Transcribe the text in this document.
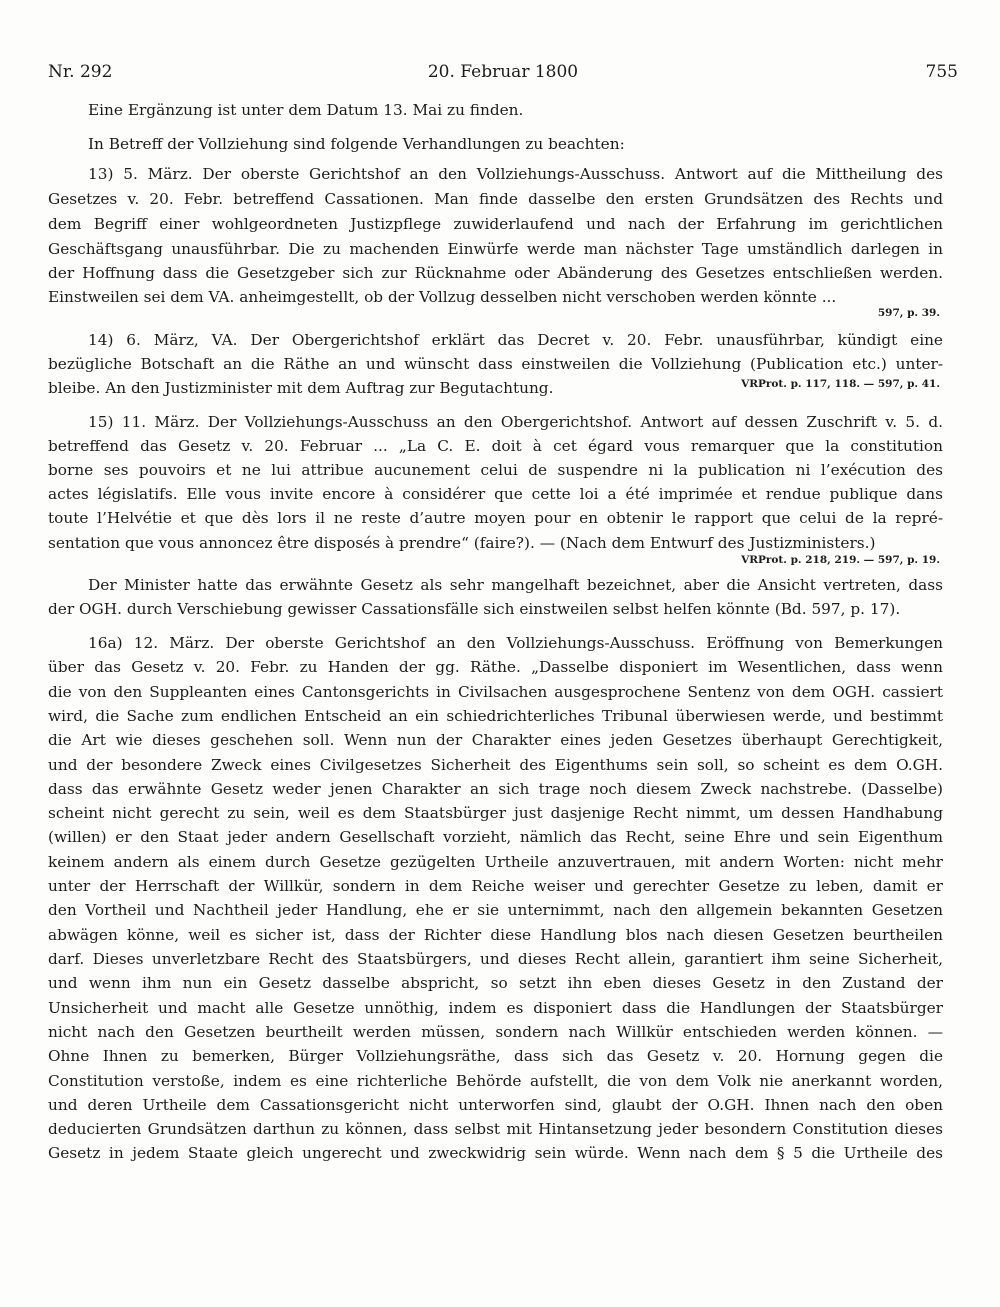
Nr. 292	20. Februar 1800	755
Eine Ergänzung ist unter dem Datum 13. Mai zu finden.
In Betreff der Vollziehung sind folgende Verhandlungen zu beachten:
13) 5. März. Der oberste Gerichtshof an den Vollziehungs-Ausschuss. Antwort auf die Mittheilung des
Gesetzes v. 20. Febr. betreffend Cassationen. Man finde dasselbe den ersten Grundsätzen des Rechts und
dem Begriff einer wohlgeordneten Justizpflege zuwiderlaufend und nach der Erfahrung im gerichtlichen
Geschäftsgang unausführbar. Die zu machenden Einwürfe werde man nächster Tage umständlich darlegen in
der Hoffnung dass die Gesetzgeber sich zur Rücknahme oder Abänderung des Gesetzes entschließen werden.
Einstweilen sei dem VA. anheimgestellt, ob der Vollzug desselben nicht verschoben werden könnte ...
597, p. 39.
14) 6. März, VA. Der Obergerichtshof erklärt das Decret v. 20. Febr. unausführbar, kündigt eine
bezügliche Botschaft an die Räthe an und wünscht dass einstweilen die Vollziehung (Publication etc.) unter-
bleibe. An den Justizminister mit dem Auftrag zur Begutachtung.	VRProt. p. 117, 118. — 597, p. 41.
15) 11. März. Der Vollziehungs-Ausschuss an den Obergerichtshof. Antwort auf dessen Zuschrift v. 5. d.
betreffend das Gesetz v. 20. Februar ... „La C. E. doit à cet égard vous remarquer que la constitution
borne ses pouvoirs et ne lui attribue aucunement celui de suspendre ni la publication ni l’exécution des
actes législatifs. Elle vous invite encore à considérer que cette loi a été imprimée et rendue publique dans
toute l’Helvétie et que dès lors il ne reste d’autre moyen pour en obtenir le rapport que celui de la repré-
sentation que vous annoncez être disposés à prendre“ (faire?). — (Nach dem Entwurf des Justizministers.)
VRProt. p. 218, 219. — 597, p. 19.
Der Minister hatte das erwähnte Gesetz als sehr mangelhaft bezeichnet, aber die Ansicht vertreten, dass
der OGH. durch Verschiebung gewisser Cassationsfälle sich einstweilen selbst helfen könnte (Bd. 597, p. 17).
16a) 12. März. Der oberste Gerichtshof an den Vollziehungs-Ausschuss. Eröffnung von Bemerkungen
über das Gesetz v. 20. Febr. zu Handen der gg. Räthe. „Dasselbe disponiert im Wesentlichen, dass wenn
die von den Suppleanten eines Cantonsgerichts in Civilsachen ausgesprochene Sentenz von dem OGH. cassiert
wird, die Sache zum endlichen Entscheid an ein schiedrichterliches Tribunal überwiesen werde, und bestimmt
die Art wie dieses geschehen soll. Wenn nun der Charakter eines jeden Gesetzes überhaupt Gerechtigkeit,
und der besondere Zweck eines Civilgesetzes Sicherheit des Eigenthums sein soll, so scheint es dem O.GH.
dass das erwähnte Gesetz weder jenen Charakter an sich trage noch diesem Zweck nachstrebe. (Dasselbe)
scheint nicht gerecht zu sein, weil es dem Staatsbürger just dasjenige Recht nimmt, um dessen Handhabung
(willen) er den Staat jeder andern Gesellschaft vorzieht, nämlich das Recht, seine Ehre und sein Eigenthum
keinem andern als einem durch Gesetze gezügelten Urtheile anzuvertrauen, mit andern Worten: nicht mehr
unter der Herrschaft der Willkür, sondern in dem Reiche weiser und gerechter Gesetze zu leben, damit er
den Vortheil und Nachtheil jeder Handlung, ehe er sie unternimmt, nach den allgemein bekannten Gesetzen
abwägen könne, weil es sicher ist, dass der Richter diese Handlung blos nach diesen Gesetzen beurtheilen
darf. Dieses unverletzbare Recht des Staatsbürgers, und dieses Recht allein, garantiert ihm seine Sicherheit,
und wenn ihm nun ein Gesetz dasselbe abspricht, so setzt ihn eben dieses Gesetz in den Zustand der
Unsicherheit und macht alle Gesetze unnöthig, indem es disponiert dass die Handlungen der Staatsbürger
nicht nach den Gesetzen beurtheilt werden müssen, sondern nach Willkür entschieden werden können. —
Ohne Ihnen zu bemerken, Bürger Vollziehungsräthe, dass sich das Gesetz v. 20. Hornung gegen die
Constitution verstoße, indem es eine richterliche Behörde aufstellt, die von dem Volk nie anerkannt worden,
und deren Urtheile dem Cassationsgericht nicht unterworfen sind, glaubt der O.GH. Ihnen nach den oben
deducierten Grundsätzen darthun zu können, dass selbst mit Hintansetzung jeder besondern Constitution dieses
Gesetz in jedem Staate gleich ungerecht und zweckwidrig sein würde. Wenn nach dem § 5 die Urtheile des
